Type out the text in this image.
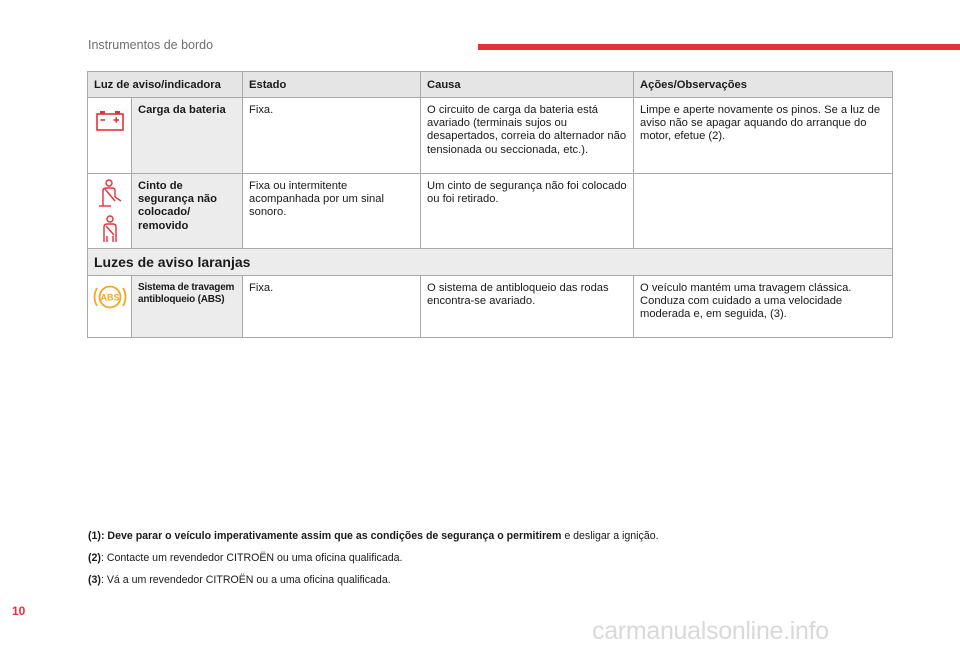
Instrumentos de bordo
Luz de aviso/indicadora		Estado	Causa	Ações/Observações

	Carga da bateria	Fixa.	O circuito de carga da bateria está avariado (terminais sujos ou desapertados, correia do alternador não tensionada ou seccionada, etc.).	Limpe e aperte novamente os pinos. Se a luz de aviso não se apagar aquando do arranque do motor, efetue (2).

	Cinto de segurança não colocado/ removido	Fixa ou intermitente acompanhada por um sinal sonoro.	Um cinto de segurança não foi colocado ou foi retirado.	
Luzes de aviso laranjas				

ABS	Sistema de travagem antibloqueio (ABS)	Fixa.	O sistema de antibloqueio das rodas encontra-se avariado.	O veículo mantém uma travagem clássica. Conduza com cuidado a uma velocidade moderada e, em seguida, (3).
(1): Deve parar o veículo imperativamente assim que as condições de segurança o permitirem e desligar a ignição.
(2): Contacte um revendedor CITROËN ou uma oficina qualificada.
(3): Vá a um revendedor CITROËN ou a uma oficina qualificada.
10
carmanualsonline.info
